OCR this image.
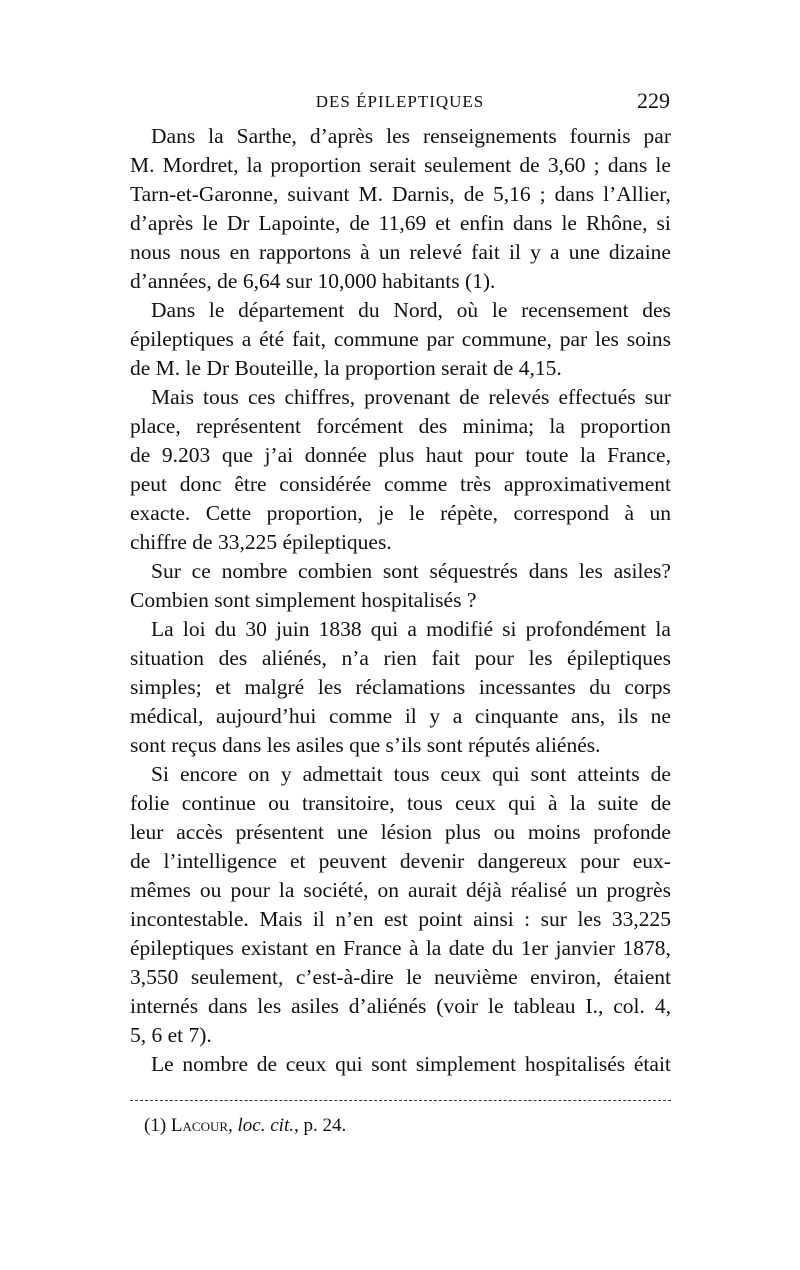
DES ÉPILEPTIQUES	229
Dans la Sarthe, d’après les renseignements fournis par
M. Mordret, la proportion serait seulement de 3,60 ; dans le
Tarn-et-Garonne, suivant M. Darnis, de 5,16 ; dans l’Allier,
d’après le Dr Lapointe, de 11,69 et enfin dans le Rhône, si
nous nous en rapportons à un relevé fait il y a une dizaine
d’années, de 6,64 sur 10,000 habitants (1).
Dans le département du Nord, où le recensement des
épileptiques a été fait, commune par commune, par les soins
de M. le Dr Bouteille, la proportion serait de 4,15.
Mais tous ces chiffres, provenant de relevés effectués sur
place, représentent forcément des minima; la proportion
de 9.203 que j’ai donnée plus haut pour toute la France,
peut donc être considérée comme très approximativement
exacte. Cette proportion, je le répète, correspond à un
chiffre de 33,225 épileptiques.
Sur ce nombre combien sont séquestrés dans les asiles?
Combien sont simplement hospitalisés ?
La loi du 30 juin 1838 qui a modifié si profondément la
situation des aliénés, n’a rien fait pour les épileptiques
simples; et malgré les réclamations incessantes du corps
médical, aujourd’hui comme il y a cinquante ans, ils ne
sont reçus dans les asiles que s’ils sont réputés aliénés.
Si encore on y admettait tous ceux qui sont atteints de
folie continue ou transitoire, tous ceux qui à la suite de
leur accès présentent une lésion plus ou moins profonde
de l’intelligence et peuvent devenir dangereux pour eux-
mêmes ou pour la société, on aurait déjà réalisé un progrès
incontestable. Mais il n’en est point ainsi : sur les 33,225
épileptiques existant en France à la date du 1er janvier 1878,
3,550 seulement, c’est-à-dire le neuvième environ, étaient
internés dans les asiles d’aliénés (voir le tableau I., col. 4,
5, 6 et 7).
Le nombre de ceux qui sont simplement hospitalisés était
(1) Lacour, loc. cit., p. 24.
